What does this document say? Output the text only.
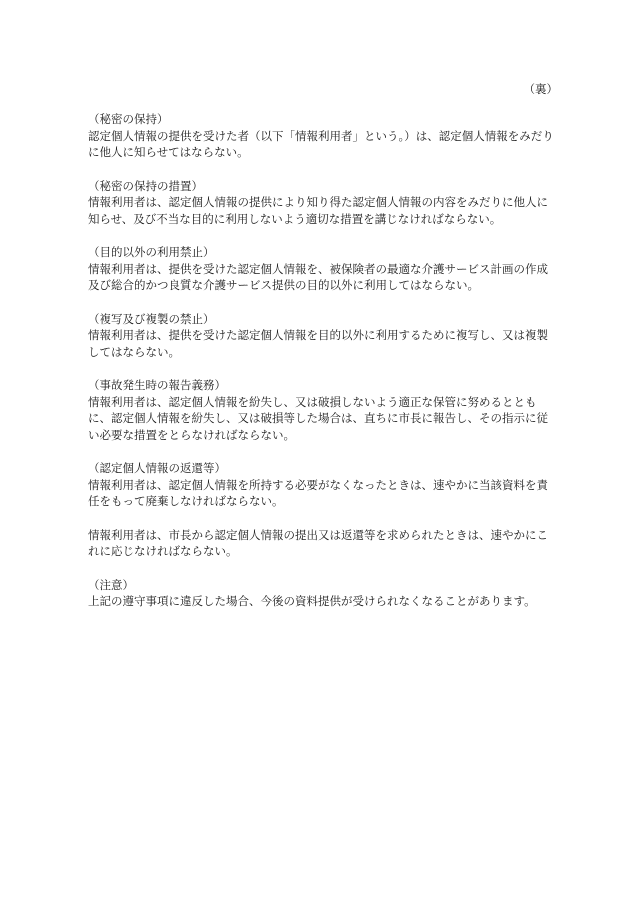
（裏）
（秘密の保持）
認定個人情報の提供を受けた者（以下「情報利用者」という。）は、認定個人情報をみだりに他人に知らせてはならない。
（秘密の保持の措置）
情報利用者は、認定個人情報の提供により知り得た認定個人情報の内容をみだりに他人に知らせ、及び不当な目的に利用しないよう適切な措置を講じなければならない。
（目的以外の利用禁止）
情報利用者は、提供を受けた認定個人情報を、被保険者の最適な介護サービス計画の作成及び総合的かつ良質な介護サービス提供の目的以外に利用してはならない。
（複写及び複製の禁止）
情報利用者は、提供を受けた認定個人情報を目的以外に利用するために複写し、又は複製してはならない。
（事故発生時の報告義務）
情報利用者は、認定個人情報を紛失し、又は破損しないよう適正な保管に努めるとともに、認定個人情報を紛失し、又は破損等した場合は、直ちに市長に報告し、その指示に従い必要な措置をとらなければならない。
（認定個人情報の返還等）
情報利用者は、認定個人情報を所持する必要がなくなったときは、速やかに当該資料を責任をもって廃棄しなければならない。
情報利用者は、市長から認定個人情報の提出又は返還等を求められたときは、速やかにこれに応じなければならない。
（注意）
上記の遵守事項に違反した場合、今後の資料提供が受けられなくなることがあります。
